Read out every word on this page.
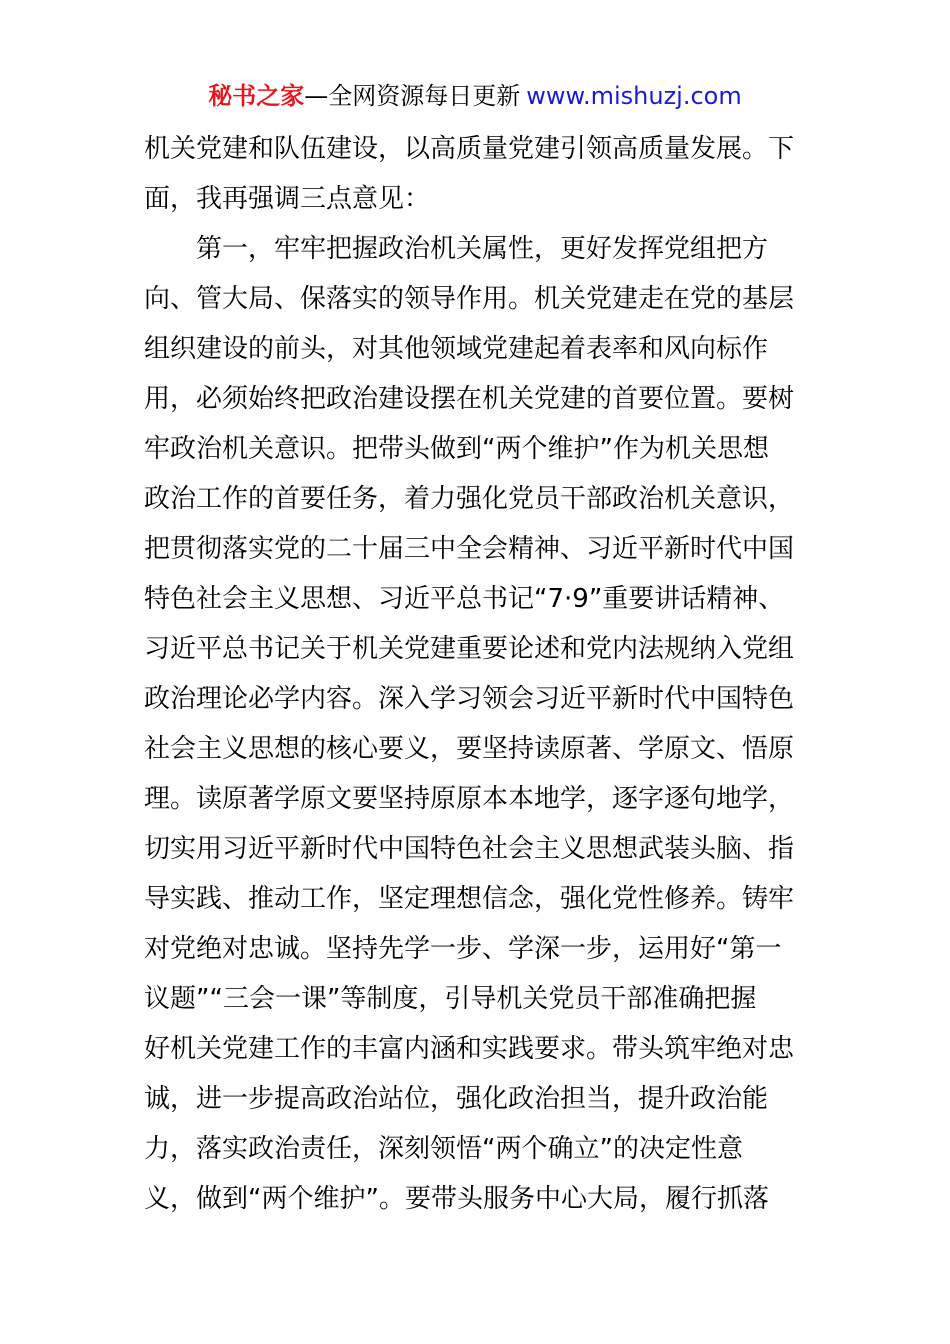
秘书之家—全网资源每日更新 www.mishuzj.com
机关党建和队伍建设，以高质量党建引领高质量发展。下
面，我再强调三点意见：
　　第一，牢牢把握政治机关属性，更好发挥党组把方
向、管大局、保落实的领导作用。机关党建走在党的基层
组织建设的前头，对其他领域党建起着表率和风向标作
用，必须始终把政治建设摆在机关党建的首要位置。要树
牢政治机关意识。把带头做到“两个维护”作为机关思想
政治工作的首要任务，着力强化党员干部政治机关意识，
把贯彻落实党的二十届三中全会精神、习近平新时代中国
特色社会主义思想、习近平总书记“7·9”重要讲话精神、
习近平总书记关于机关党建重要论述和党内法规纳入党组
政治理论必学内容。深入学习领会习近平新时代中国特色
社会主义思想的核心要义，要坚持读原著、学原文、悟原
理。读原著学原文要坚持原原本本地学，逐字逐句地学，
切实用习近平新时代中国特色社会主义思想武装头脑、指
导实践、推动工作，坚定理想信念，强化党性修养。铸牢
对党绝对忠诚。坚持先学一步、学深一步，运用好“第一
议题”“三会一课”等制度，引导机关党员干部准确把握
好机关党建工作的丰富内涵和实践要求。带头筑牢绝对忠
诚，进一步提高政治站位，强化政治担当，提升政治能
力，落实政治责任，深刻领悟“两个确立”的决定性意
义，做到“两个维护”。要带头服务中心大局，履行抓落
